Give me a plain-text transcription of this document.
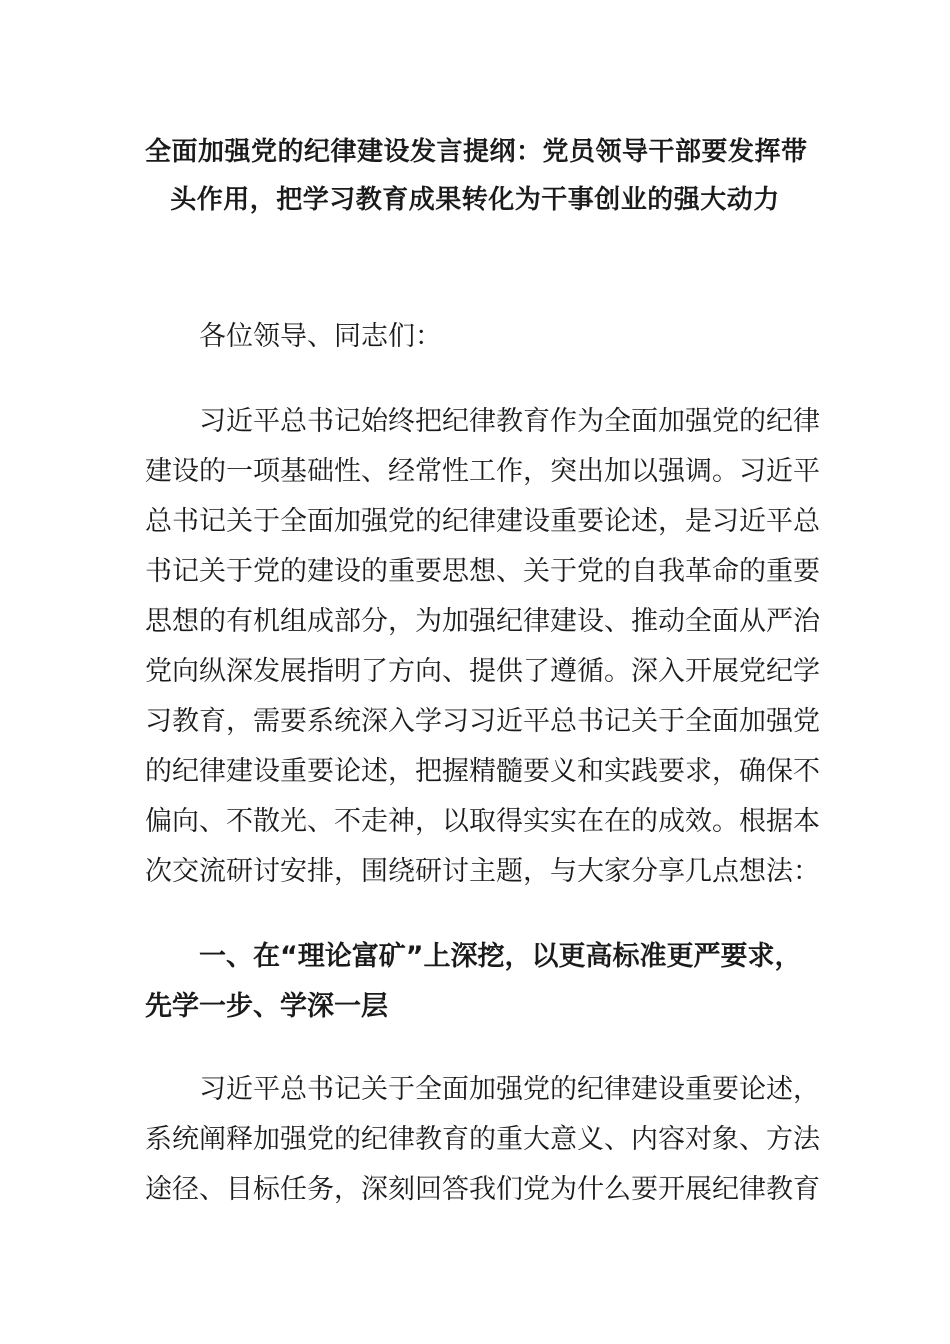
全面加强党的纪律建设发言提纲：党员领导干部要发挥带
头作用，把学习教育成果转化为干事创业的强大动力
各位领导、同志们：
习近平总书记始终把纪律教育作为全面加强党的纪律
建设的一项基础性、经常性工作，突出加以强调。习近平
总书记关于全面加强党的纪律建设重要论述，是习近平总
书记关于党的建设的重要思想、关于党的自我革命的重要
思想的有机组成部分，为加强纪律建设、推动全面从严治
党向纵深发展指明了方向、提供了遵循。深入开展党纪学
习教育，需要系统深入学习习近平总书记关于全面加强党
的纪律建设重要论述，把握精髓要义和实践要求，确保不
偏向、不散光、不走神，以取得实实在在的成效。根据本
次交流研讨安排，围绕研讨主题，与大家分享几点想法：
一、在“理论富矿”上深挖，以更高标准更严要求，
先学一步、学深一层
习近平总书记关于全面加强党的纪律建设重要论述，
系统阐释加强党的纪律教育的重大意义、内容对象、方法
途径、目标任务，深刻回答我们党为什么要开展纪律教育
